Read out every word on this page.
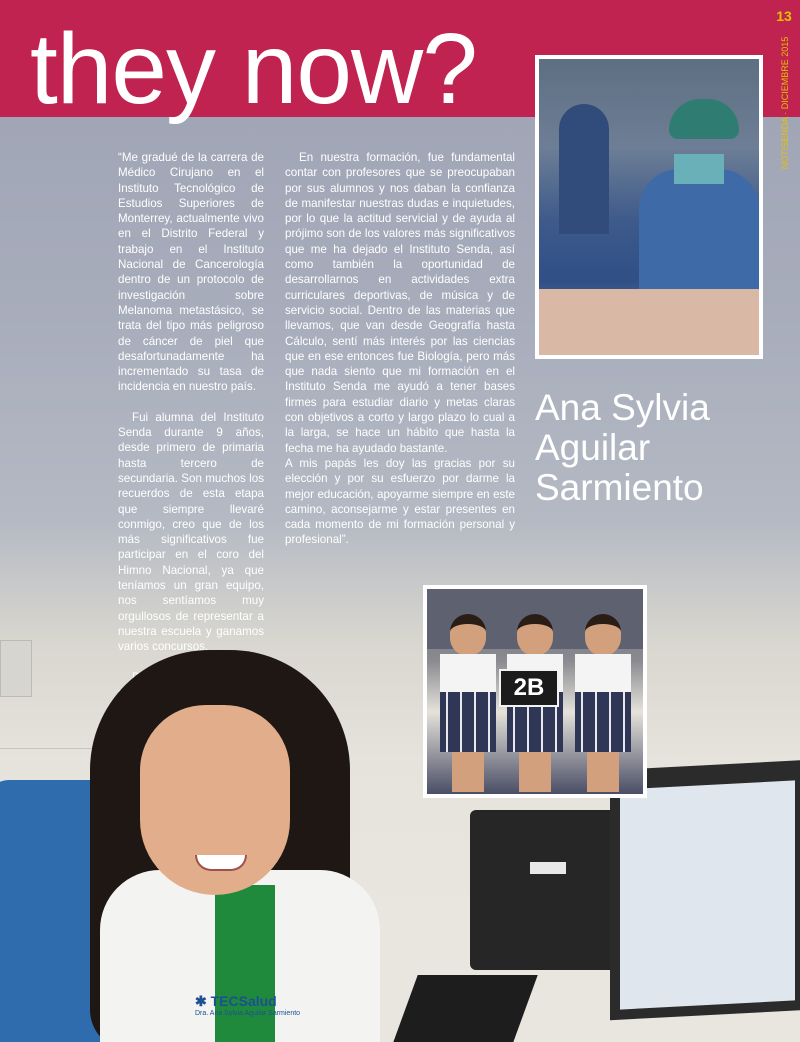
they now?	13
NOTISENDA · DICIEMBRE 2015

“Me gradué de la carrera de Médico Cirujano en el Instituto Tecnológico de Estudios Superiores de Monterrey, actualmente vivo en el Distrito Federal y trabajo en el Instituto Nacional de Cancerología dentro de un protocolo de investigación sobre Melanoma metastásico, se trata del tipo más peligroso de cáncer de piel que desafortunadamente ha incrementado su tasa de incidencia en nuestro país.

Fui alumna del Instituto Senda durante 9 años, desde primero de primaria hasta tercero de secundaria. Son muchos los recuerdos de esta etapa que siempre llevaré conmigo, creo que de los más significativos fue participar en el coro del Himno Nacional, ya que teníamos un gran equipo, nos sentíamos muy orgullosos de representar a nuestra escuela y ganamos varios concursos.

En nuestra formación, fue fundamental contar con profesores que se preocupaban por sus alumnos y nos daban la confianza de manifestar nuestras dudas e inquietudes, por lo que la actitud servicial y de ayuda al prójimo son de los valores más significativos que me ha dejado el Instituto Senda, así como también la oportunidad de desarrollarnos en actividades extra curriculares deportivas, de música y de servicio social. Dentro de las materias que llevamos, que van desde Geografía hasta Cálculo, sentí más interés por las ciencias que en ese entonces fue Biología, pero más que nada siento que mi formación en el Instituto Senda me ayudó a tener bases firmes para estudiar diario y metas claras con objetivos a corto y largo plazo lo cual a la larga, se hace un hábito que hasta la fecha me ha ayudado bastante.

A mis papás les doy las gracias por su elección y por su esfuerzo por darme la mejor educación, apoyarme siempre en este camino, aconsejarme y estar presentes en cada momento de mi formación personal y profesional”.

Ana Sylvia Aguilar Sarmiento
✱ TECSalud
Dra. Ana Sylvia Aguilar Sarmiento
2B
